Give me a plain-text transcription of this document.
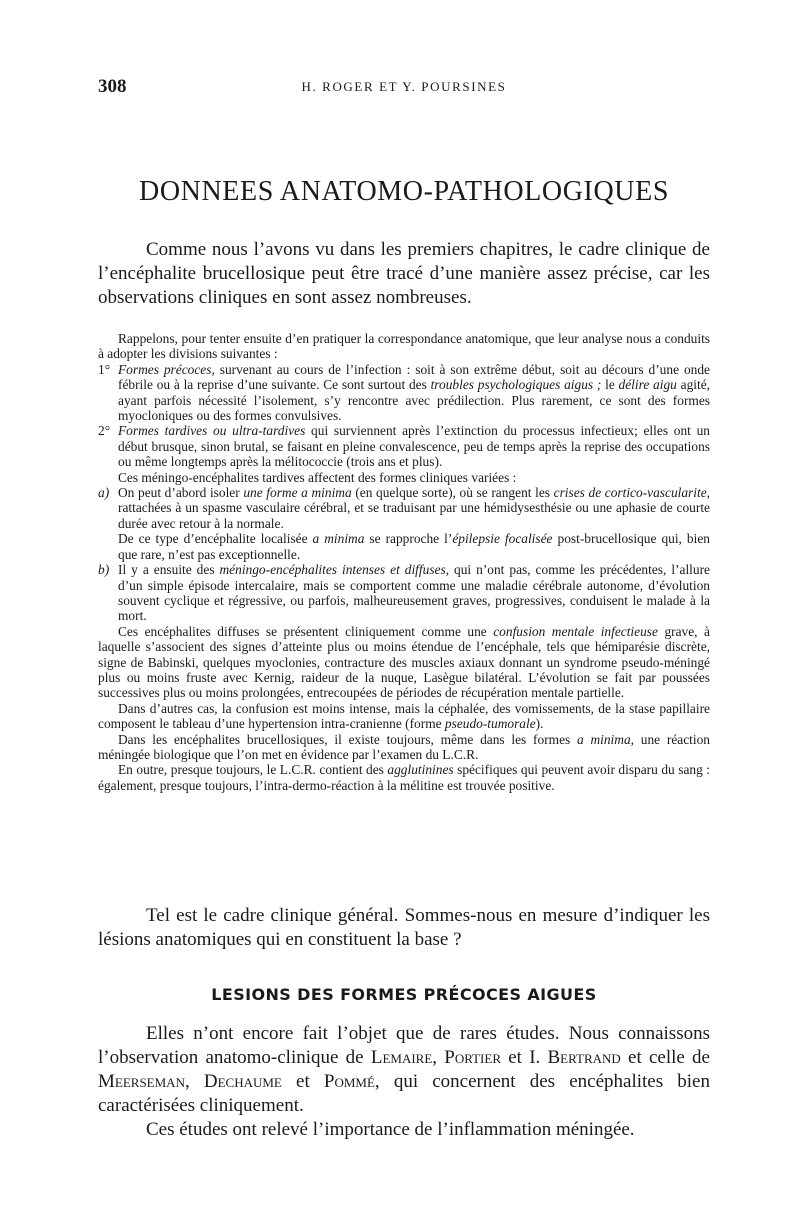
308	H. ROGER ET Y. POURSINES
DONNEES ANATOMO-PATHOLOGIQUES

Comme nous l’avons vu dans les premiers chapitres, le cadre clinique de l’encéphalite brucellosique peut être tracé d’une manière assez précise, car les observations cliniques en sont assez nombreuses.

Rappelons, pour tenter ensuite d’en pratiquer la correspondance anatomique, que leur analyse nous a conduits à adopter les divisions suivantes :

1° Formes précoces, survenant au cours de l’infection : soit à son extrême début, soit au décours d’une onde fébrile ou à la reprise d’une suivante. Ce sont surtout des troubles psychologiques aigus ; le délire aigu agité, ayant parfois nécessité l’isolement, s’y rencontre avec prédilection. Plus rarement, ce sont des formes myocloniques ou des formes convulsives.
2° Formes tardives ou ultra-tardives qui surviennent après l’extinction du processus infectieux; elles ont un début brusque, sinon brutal, se faisant en pleine convalescence, peu de temps après la reprise des occupations ou même longtemps après la mélitococcie (trois ans et plus).

Ces méningo-encéphalites tardives affectent des formes cliniques variées :

a) On peut d’abord isoler une forme a minima (en quelque sorte), où se rangent les crises de cortico-vascularite, rattachées à un spasme vasculaire cérébral, et se traduisant par une hémidysesthésie ou une aphasie de courte durée avec retour à la normale.

De ce type d’encéphalite localisée a minima se rapproche l’épilepsie focalisée post-brucellosique qui, bien que rare, n’est pas exceptionnelle.

b) Il y a ensuite des méningo-encéphalites intenses et diffuses, qui n’ont pas, comme les précédentes, l’allure d’un simple épisode intercalaire, mais se comportent comme une maladie cérébrale autonome, d’évolution souvent cyclique et régressive, ou parfois, malheureusement graves, progressives, conduisent le malade à la mort.

Ces encéphalites diffuses se présentent cliniquement comme une confusion mentale infectieuse grave, à laquelle s’associent des signes d’atteinte plus ou moins étendue de l’encéphale, tels que hémiparésie discrète, signe de Babinski, quelques myoclonies, contracture des muscles axiaux donnant un syndrome pseudo-méningé plus ou moins fruste avec Kernig, raideur de la nuque, Lasègue bilatéral. L’évolution se fait par poussées successives plus ou moins prolongées, entrecoupées de périodes de récupération mentale partielle.

Dans d’autres cas, la confusion est moins intense, mais la céphalée, des vomissements, de la stase papillaire composent le tableau d’une hypertension intra-cranienne (forme pseudo-tumorale).

Dans les encéphalites brucellosiques, il existe toujours, même dans les formes a minima, une réaction méningée biologique que l’on met en évidence par l’examen du L.C.R.

En outre, presque toujours, le L.C.R. contient des agglutinines spécifiques qui peuvent avoir disparu du sang : également, presque toujours, l’intra-dermo-réaction à la mélitine est trouvée positive.

Tel est le cadre clinique général. Sommes-nous en mesure d’indiquer les lésions anatomiques qui en constituent la base ?

LESIONS DES FORMES PRÉCOCES AIGUES

Elles n’ont encore fait l’objet que de rares études. Nous connaissons l’observation anatomo-clinique de Lemaire, Portier et I. Bertrand et celle de Meerseman, Dechaume et Pommé, qui concernent des encéphalites bien caractérisées cliniquement.

Ces études ont relevé l’importance de l’inflammation méningée.
